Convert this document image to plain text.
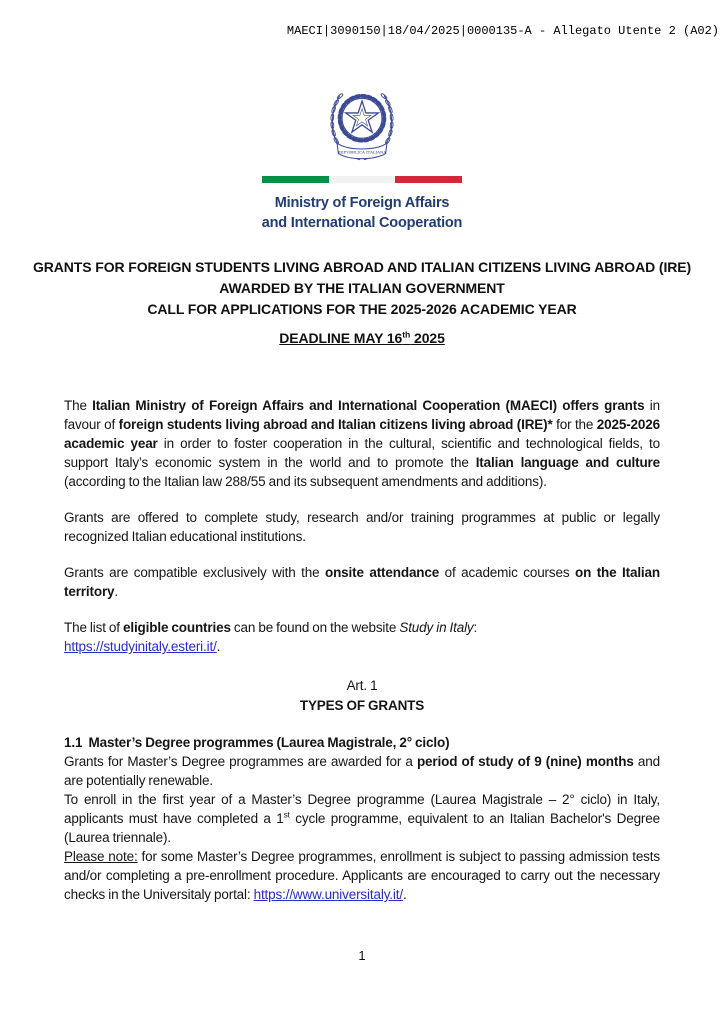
MAECI|3090150|18/04/2025|0000135-A - Allegato Utente 2 (A02)
REPVBBLICA ITALIANA
Ministry of Foreign Affairs
and International Cooperation
GRANTS FOR FOREIGN STUDENTS LIVING ABROAD AND ITALIAN CITIZENS LIVING ABROAD (IRE)
AWARDED BY THE ITALIAN GOVERNMENT
CALL FOR APPLICATIONS FOR THE 2025-2026 ACADEMIC YEAR
DEADLINE MAY 16th 2025

The Italian Ministry of Foreign Affairs and International Cooperation (MAECI) offers grants in favour of foreign students living abroad and Italian citizens living abroad (IRE)* for the 2025-2026 academic year in order to foster cooperation in the cultural, scientific and technological fields, to support Italy’s economic system in the world and to promote the Italian language and culture (according to the Italian law 288/55 and its subsequent amendments and additions).

Grants are offered to complete study, research and/or training programmes at public or legally recognized Italian educational institutions.

Grants are compatible exclusively with the onsite attendance of academic courses on the Italian territory.

The list of eligible countries can be found on the website Study in Italy:
https://studyinitaly.esteri.it/.

Art. 1
TYPES OF GRANTS

1.1  Master’s Degree programmes (Laurea Magistrale, 2° ciclo)

Grants for Master’s Degree programmes are awarded for a period of study of 9 (nine) months and are potentially renewable.

To enroll in the first year of a Master’s Degree programme (Laurea Magistrale – 2° ciclo) in Italy, applicants must have completed a 1st cycle programme, equivalent to an Italian Bachelor's Degree (Laurea triennale).

Please note: for some Master’s Degree programmes, enrollment is subject to passing admission tests and/or completing a pre-enrollment procedure. Applicants are encouraged to carry out the necessary checks in the Universitaly portal: https://www.universitaly.it/.

1
